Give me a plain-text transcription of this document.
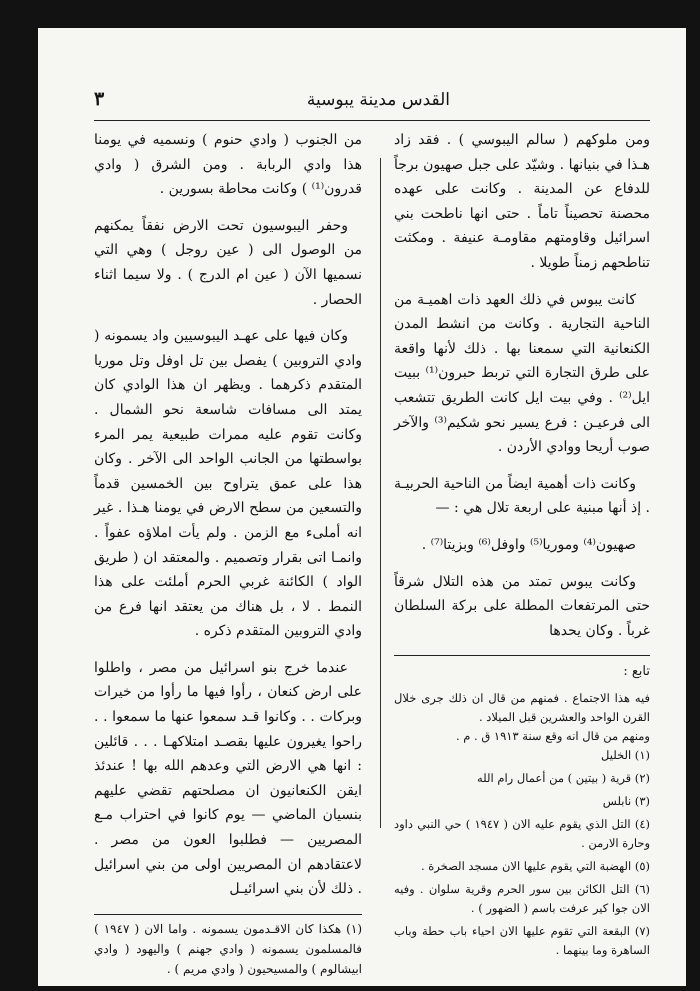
القدس مدينة يبوسية
٣

ومن ملوكهم ( سالم اليبوسي ) . فقد زاد هـذا في بنيانها . وشيّد على جبل صهيون برجاً للدفاع عن المدينة . وكانت على عهده محصنة تحصيناً تاماً . حتى انها ناطحت بني اسرائيل وقاومتهم مقاومـة عنيفة . ومكثت تناطحهم زمناً طويلا .

كانت يبوس في ذلك العهد ذات اهميـة من الناحية التجارية . وكانت من انشط المدن الكنعانية التي سمعنا بها . ذلك لأنها واقعة على طرق التجارة التي تربط حبرون⁽¹⁾ ببيت ايل⁽²⁾ . وفي بيت ايل كانت الطريق تتشعب الى فرعيـن : فرع يسير نحو شكيم⁽³⁾ والآخر صوب أريحا ووادي الأردن .

وكانت ذات أهمية ايضاً من الناحية الحربيـة . إذ أنها مبنية على اربعة تلال هي : —

صهيون⁽⁴⁾ وموريا⁽⁵⁾ واوفل⁽⁶⁾ وبزيتا⁽⁷⁾ .

وكانت يبوس تمتد من هذه التلال شرقاً حتى المرتفعات المطلة على بركة السلطان غرباً . وكان يحدها

تابع :

فيه هذا الاجتماع . فمنهم من قال ان ذلك جرى خلال القرن الواحد والعشرين قبل الميلاد .

ومنهم من قال انه وقع سنة ١٩١٣ ق . م .

(١) الخليل
(٢) قرية ( بيتين ) من أعمال رام الله
(٣) نابلس
(٤) التل الذي يقوم عليه الان ( ١٩٤٧ ) حي النبي داود وحارة الارمن .
(٥) الهضبة التي يقوم عليها الان مسجد الصخرة .
(٦) التل الكائن بين سور الحرم وقرية سلوان . وفيه الان جوا كير عرفت باسم ( الضهور ) .
(٧) البقعة التي تقوم عليها الان احياء باب حطة وباب الساهرة وما بينهما .

من الجنوب ( وادي حنوم ) ونسميه في يومنا هذا وادي الربابة . ومن الشرق ( وادي قدرون⁽¹⁾ ) وكانت محاطة بسورين .

وحفر اليبوسيون تحت الارض نفقاً يمكنهم من الوصول الى ( عين روجل ) وهي التي نسميها الآن ( عين ام الدرج ) . ولا سيما اثناء الحصار .

وكان فيها على عهـد اليبوسيين واد يسمونه ( وادي التروبين ) يفصل بين تل اوفل وتل موريا المتقدم ذكرهما . ويظهر ان هذا الوادي كان يمتد الى مسافات شاسعة نحو الشمال . وكانت تقوم عليه ممرات طبيعية يمر المرء بواسطتها من الجانب الواحد الى الآخر . وكان هذا على عمق يتراوح بين الخمسين قدماً والتسعين من سطح الارض في يومنا هـذا . غير انه أملىء مع الزمن . ولم يأت املاؤه عفواً . وانمـا اتى بقرار وتصميم . والمعتقد ان ( طريق الواد ) الكائنة غربي الحرم أملئت على هذا النمط . لا ، بل هناك من يعتقد انها فرع من وادي التروبين المتقدم ذكره .

عندما خرج بنو اسرائيل من مصر ، واطلوا على ارض كنعان ، رأوا فيها ما رأوا من خيرات وبركات . . وكانوا قـد سمعوا عنها ما سمعوا . . راحوا يغيرون عليها بقصـد امتلاكهـا . . . قائلين : انها هي الارض التي وعدهم الله بها ! عندئذ ايقن الكنعانيون ان مصلحتهم تقضي عليهم بنسيان الماضي — يوم كانوا في احتراب مـع المصريين — فطلبوا العون من مصر . لاعتقادهم ان المصريين اولى من بني اسرائيل . ذلك لأن بني اسرائيـل

(١) هكذا كان الاقـدمون يسمونه . واما الان ( ١٩٤٧ ) فالمسلمون يسمونه ( وادي جهنم ) واليهود ( وادي ابيشالوم ) والمسيحيون ( وادي مريم ) .
